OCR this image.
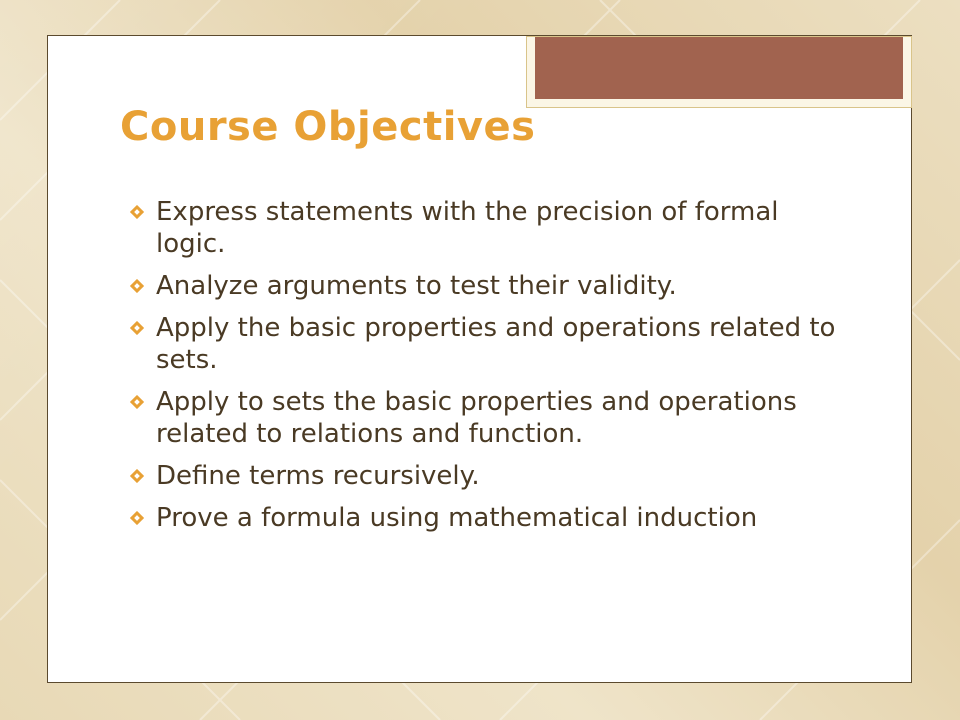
Course Objectives
Express statements with the precision of formal logic.
Analyze arguments to test their validity.
Apply the basic properties and operations related to sets.
Apply to sets the basic properties and operations related to relations and function.
Define terms recursively.
Prove a formula using mathematical induction
